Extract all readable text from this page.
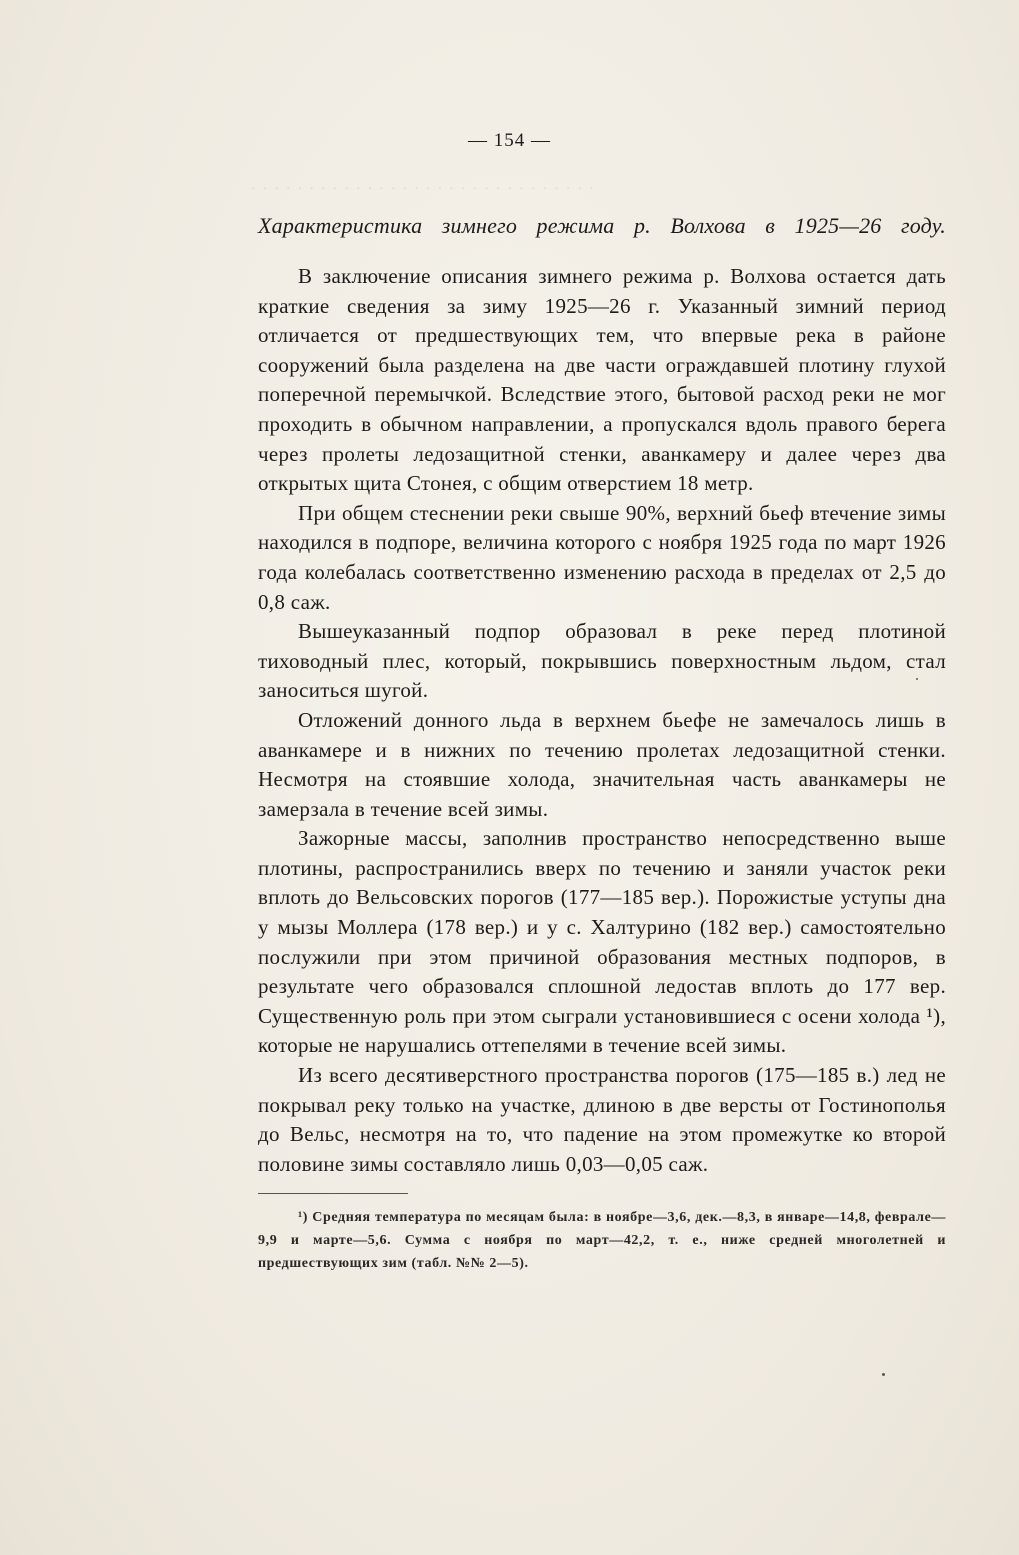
· · · · · · · · · · · · · · · · · · · · · · · · · · · · · ·
— 154 —
Характеристика зимнего режима р. Волхова в 1925—26 году.

В заключение описания зимнего режима р. Волхова остается дать краткие сведения за зиму 1925—26 г. Указанный зимний период отличается от предшествующих тем, что впервые река в районе сооружений была разделена на две части ограждавшей плотину глухой поперечной перемычкой. Вследствие этого, бытовой расход реки не мог проходить в обычном направлении, а пропускался вдоль правого берега через пролеты ледозащитной стенки, аванкамеру и далее через два открытых щита Стонея, с общим отверстием 18 метр.

При общем стеснении реки свыше 90%, верхний бьеф втечение зимы находился в подпоре, величина которого с ноября 1925 года по март 1926 года колебалась соответственно изменению расхода в пределах от 2,5 до 0,8 саж.

Вышеуказанный подпор образовал в реке перед плотиной тиховодный плес, который, покрывшись поверхностным льдом, стал заноситься шугой.

Отложений донного льда в верхнем бьефе не замечалось лишь в аванкамере и в нижних по течению пролетах ледозащитной стенки. Несмотря на стоявшие холода, значительная часть аванкамеры не замерзала в течение всей зимы.

Зажорные массы, заполнив пространство непосредственно выше плотины, распространились вверх по течению и заняли участок реки вплоть до Вельсовских порогов (177—185 вер.). Порожистые уступы дна у мызы Моллера (178 вер.) и у с. Халтурино (182 вер.) самостоятельно послужили при этом причиной образования местных подпоров, в результате чего образовался сплошной ледостав вплоть до 177 вер. Существенную роль при этом сыграли установившиеся с осени холода ¹), которые не нарушались оттепелями в течение всей зимы.

Из всего десятиверстного пространства порогов (175—185 в.) лед не покрывал реку только на участке, длиною в две версты от Гостинополья до Вельс, несмотря на то, что падение на этом промежутке ко второй половине зимы составляло лишь 0,03—0,05 саж.

¹) Средняя температура по месяцам была: в ноябре—3,6, дек.—8,3, в январе—14,8, феврале—9,9 и марте—5,6. Сумма с ноября по март—42,2, т. е., ниже средней многолетней и предшествующих зим (табл. №№ 2—5).
